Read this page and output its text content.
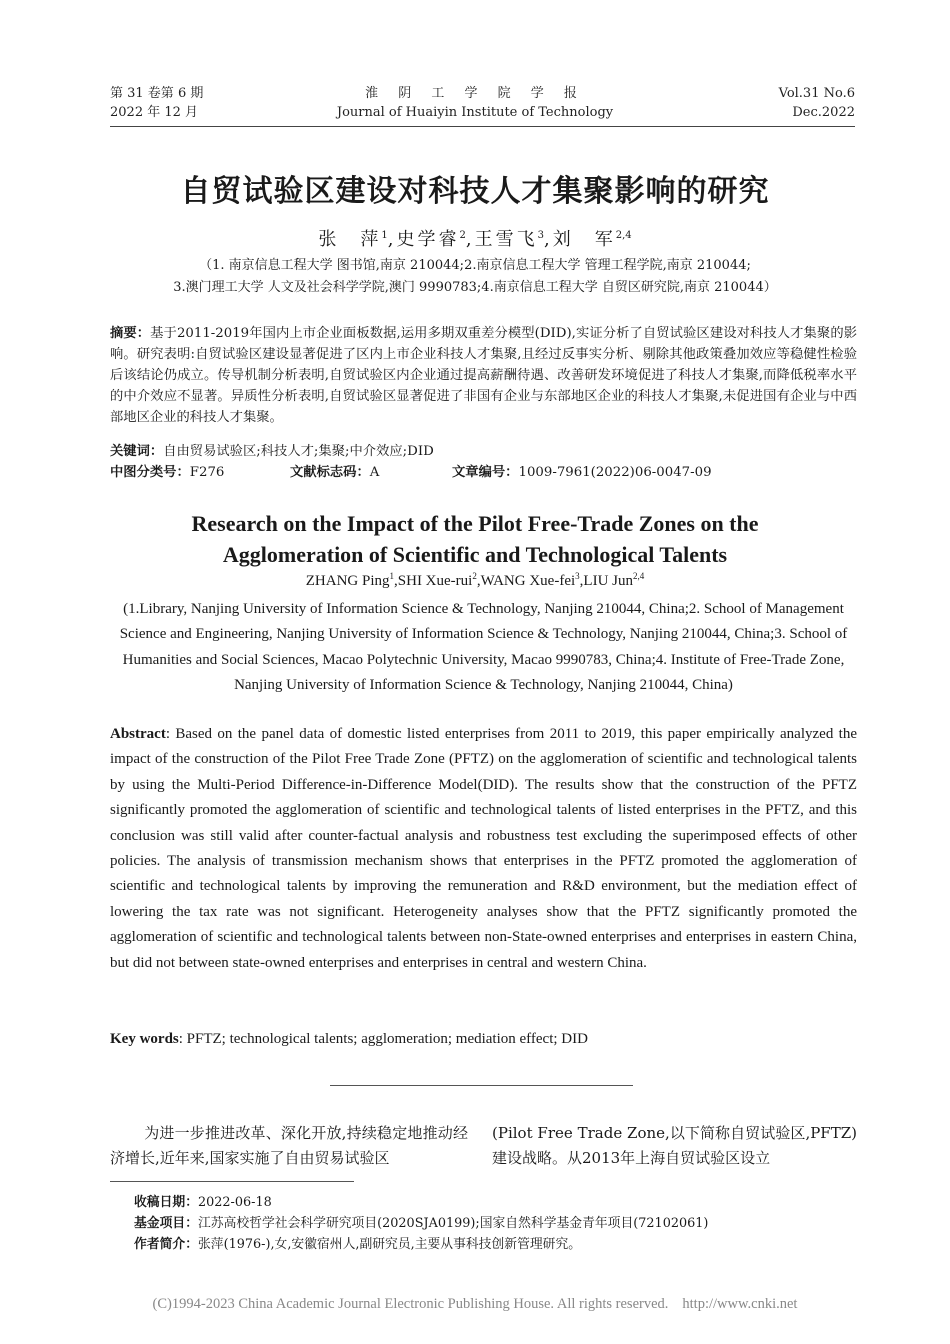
第 31 卷第 6 期
2022 年 12 月
淮 阴 工 学 院 学 报
Journal of Huaiyin Institute of Technology
Vol.31 No.6
Dec.2022
自贸试验区建设对科技人才集聚影响的研究
张　萍$^1$,史学睿$^2$,王雪飞$^3$,刘　军$^{2,4}$
（1. 南京信息工程大学 图书馆,南京 210044;2.南京信息工程大学 管理工程学院,南京 210044;
3.澳门理工大学 人文及社会科学学院,澳门 9990783;4.南京信息工程大学 自贸区研究院,南京 210044）
摘要：基于2011-2019年国内上市企业面板数据,运用多期双重差分模型(DID),实证分析了自贸试验区建设对科技人才集聚的影响。研究表明:自贸试验区建设显著促进了区内上市企业科技人才集聚,且经过反事实分析、剔除其他政策叠加效应等稳健性检验后该结论仍成立。传导机制分析表明,自贸试验区内企业通过提高薪酬待遇、改善研发环境促进了科技人才集聚,而降低税率水平的中介效应不显著。异质性分析表明,自贸试验区显著促进了非国有企业与东部地区企业的科技人才集聚,未促进国有企业与中西部地区企业的科技人才集聚。
关键词：自由贸易试验区;科技人才;集聚;中介效应;DID
中图分类号：F276	文献标志码：A	文章编号：1009-7961(2022)06-0047-09
Research on the Impact of the Pilot Free-Trade Zones on the
Agglomeration of Scientific and Technological Talents
ZHANG Ping$^1$,SHI Xue-rui$^2$,WANG Xue-fei$^3$,LIU Jun$^{2,4}$
(1.Library, Nanjing University of Information Science & Technology, Nanjing 210044, China;2. School of Management Science and Engineering, Nanjing University of Information Science & Technology, Nanjing 210044, China;3. School of Humanities and Social Sciences, Macao Polytechnic University, Macao 9990783, China;4. Institute of Free-Trade Zone, Nanjing University of Information Science & Technology, Nanjing 210044, China)
Abstract: Based on the panel data of domestic listed enterprises from 2011 to 2019, this paper empirically analyzed the impact of the construction of the Pilot Free Trade Zone (PFTZ) on the agglomeration of scientific and technological talents by using the Multi-Period Difference-in-Difference Model(DID). The results show that the construction of the PFTZ significantly promoted the agglomeration of scientific and technological talents of listed enterprises in the PFTZ, and this conclusion was still valid after counter-factual analysis and robustness test excluding the superimposed effects of other policies. The analysis of transmission mechanism shows that enterprises in the PFTZ promoted the agglomeration of scientific and technological talents by improving the remuneration and R&D environment, but the mediation effect of lowering the tax rate was not significant. Heterogeneity analyses show that the PFTZ significantly promoted the agglomeration of scientific and technological talents between non-State-owned enterprises and enterprises in eastern China, but did not between state-owned enterprises and enterprises in central and western China.
Key words: PFTZ; technological talents; agglomeration; mediation effect; DID
为进一步推进改革、深化开放,持续稳定地推动经济增长,近年来,国家实施了自由贸易试验区
(Pilot Free Trade Zone,以下简称自贸试验区,PFTZ)建设战略。从2013年上海自贸试验区设立
收稿日期：2022-06-18
基金项目：江苏高校哲学社会科学研究项目(2020SJA0199);国家自然科学基金青年项目(72102061)
作者简介：张萍(1976-),女,安徽宿州人,副研究员,主要从事科技创新管理研究。
(C)1994-2023 China Academic Journal Electronic Publishing House. All rights reserved. http://www.cnki.net
